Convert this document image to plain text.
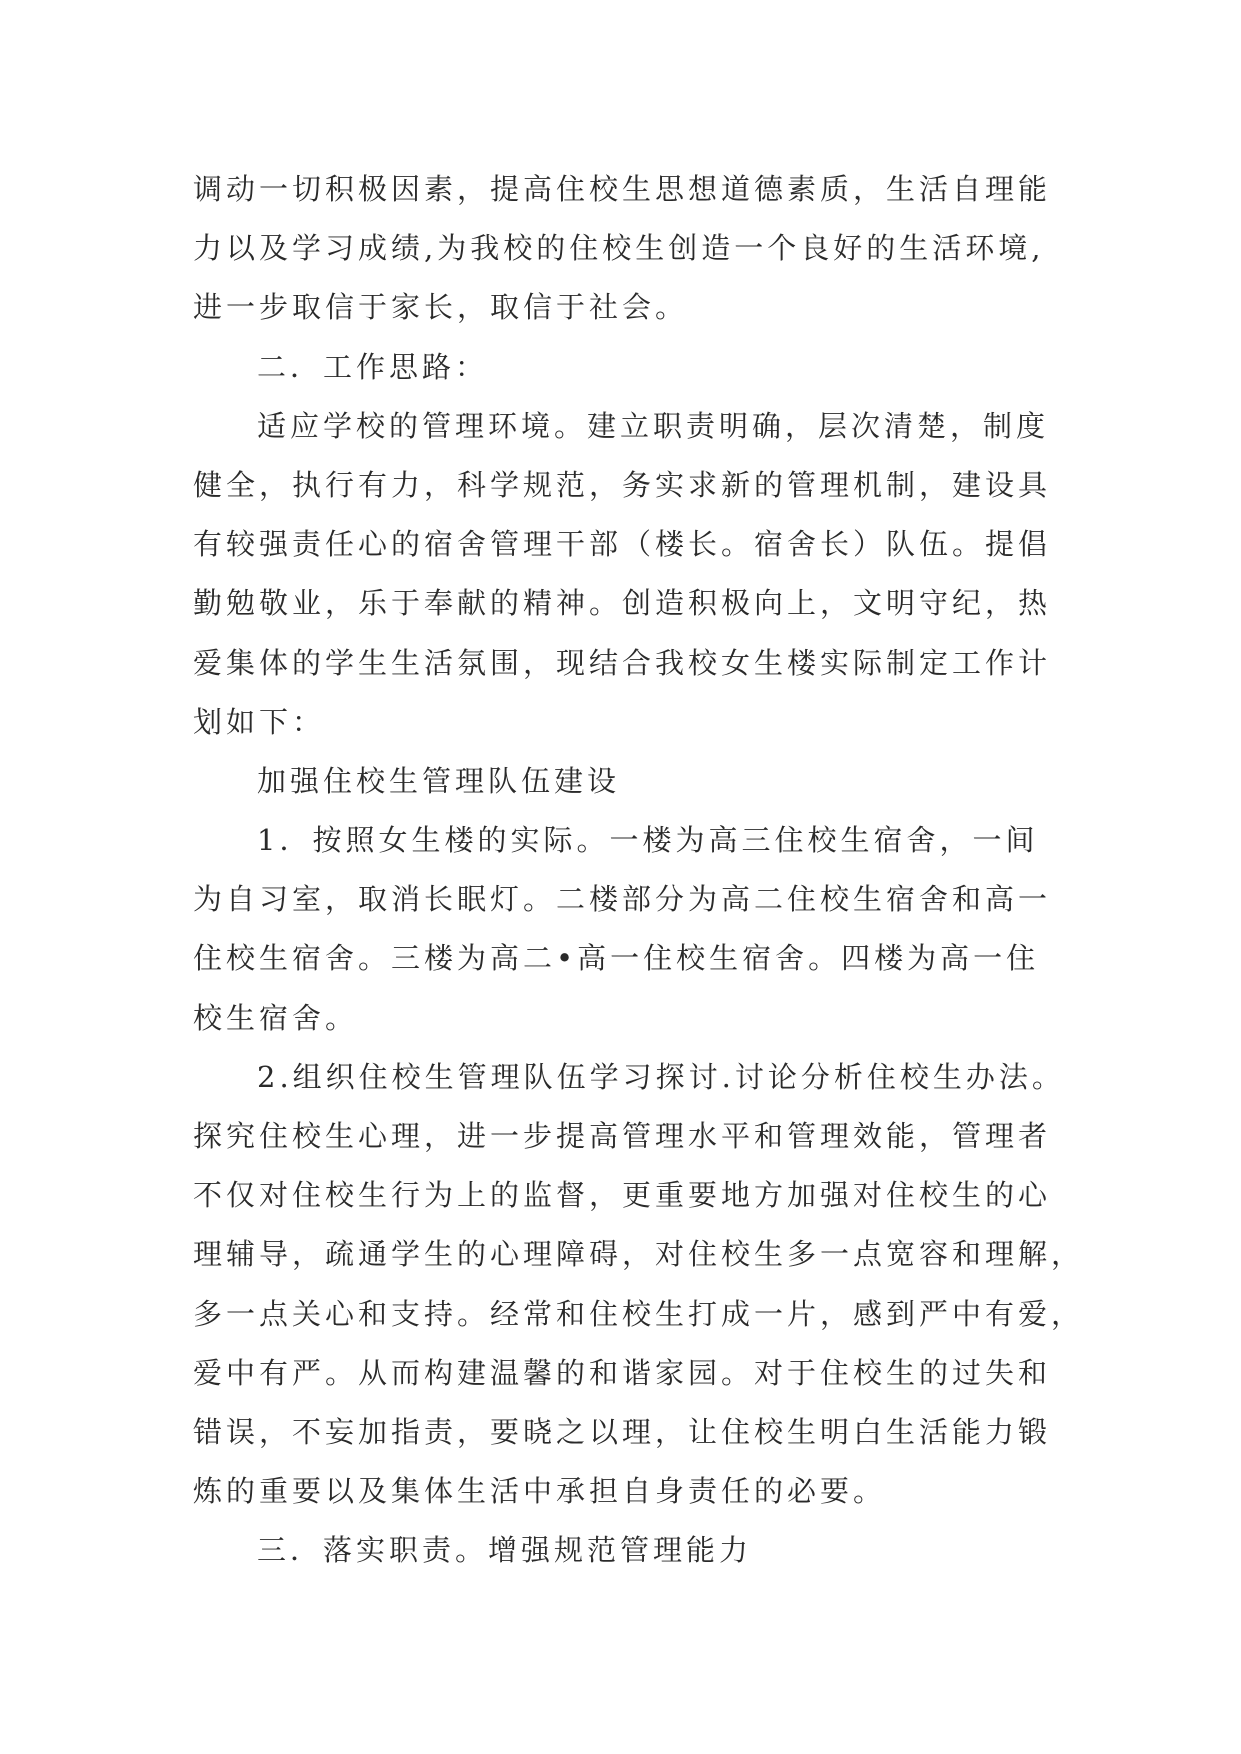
调动一切积极因素，提高住校生思想道德素质，生活自理能
力以及学习成绩,为我校的住校生创造一个良好的生活环境,
进一步取信于家长，取信于社会。
二．工作思路：
适应学校的管理环境。建立职责明确，层次清楚，制度
健全，执行有力，科学规范，务实求新的管理机制，建设具
有较强责任心的宿舍管理干部（楼长。宿舍长）队伍。提倡
勤勉敬业，乐于奉献的精神。创造积极向上，文明守纪，热
爱集体的学生生活氛围，现结合我校女生楼实际制定工作计
划如下：
加强住校生管理队伍建设
1．按照女生楼的实际。一楼为高三住校生宿舍，一间
为自习室，取消长眠灯。二楼部分为高二住校生宿舍和高一
住校生宿舍。三楼为高二•高一住校生宿舍。四楼为高一住
校生宿舍。
2.组织住校生管理队伍学习探讨.讨论分析住校生办法。
探究住校生心理，进一步提高管理水平和管理效能，管理者
不仅对住校生行为上的监督，更重要地方加强对住校生的心
理辅导，疏通学生的心理障碍，对住校生多一点宽容和理解，
多一点关心和支持。经常和住校生打成一片，感到严中有爱，
爱中有严。从而构建温馨的和谐家园。对于住校生的过失和
错误，不妄加指责，要晓之以理，让住校生明白生活能力锻
炼的重要以及集体生活中承担自身责任的必要。
三．落实职责。增强规范管理能力
